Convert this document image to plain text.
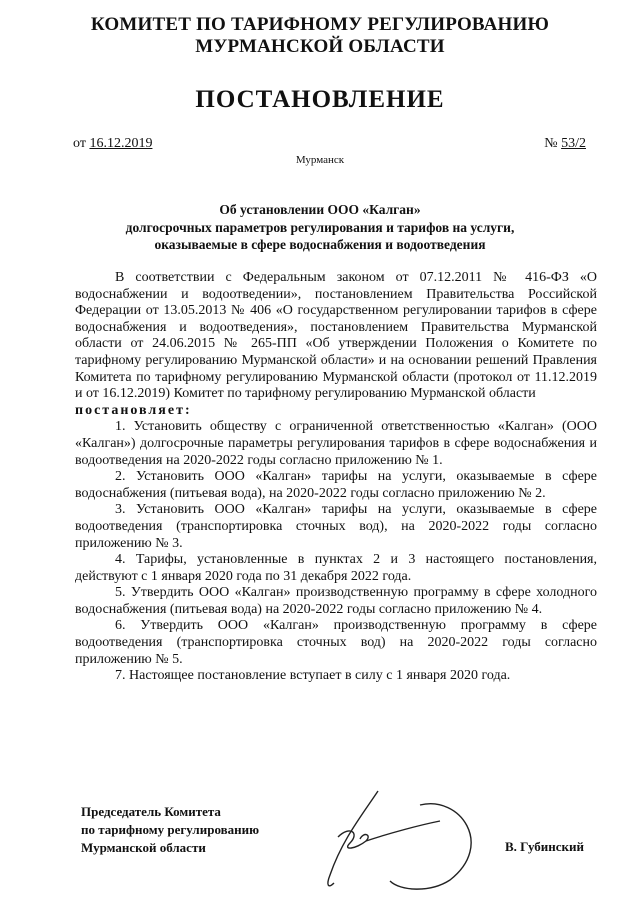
КОМИТЕТ ПО ТАРИФНОМУ РЕГУЛИРОВАНИЮ
МУРМАНСКОЙ ОБЛАСТИ
ПОСТАНОВЛЕНИЕ
от 16.12.2019	№ 53/2
Мурманск
Об установлении ООО «Калган»
долгосрочных параметров регулирования и тарифов на услуги,
оказываемые в сфере водоснабжения и водоотведения

В соответствии с Федеральным законом от 07.12.2011 № 416-ФЗ «О водоснабжении и водоотведении», постановлением Правительства Российской Федерации от 13.05.2013 № 406 «О государственном регулировании тарифов в сфере водоснабжения и водоотведения», постановлением Правительства Мурманской области от 24.06.2015 № 265-ПП «Об утверждении Положения о Комитете по тарифному регулированию Мурманской области» и на основании решений Правления Комитета по тарифному регулированию Мурманской области (протокол от 11.12.2019 и от 16.12.2019) Комитет по тарифному регулированию Мурманской области

постановляет:

1. Установить обществу с ограниченной ответственностью «Калган» (ООО «Калган») долгосрочные параметры регулирования тарифов в сфере водоснабжения и водоотведения на 2020-2022 годы согласно приложению № 1.

2. Установить ООО «Калган» тарифы на услуги, оказываемые в сфере водоснабжения (питьевая вода), на 2020-2022 годы согласно приложению № 2.

3. Установить ООО «Калган» тарифы на услуги, оказываемые в сфере водоотведения (транспортировка сточных вод), на 2020-2022 годы согласно приложению № 3.

4. Тарифы, установленные в пунктах 2 и 3 настоящего постановления, действуют с 1 января 2020 года по 31 декабря 2022 года.

5. Утвердить ООО «Калган» производственную программу в сфере холодного водоснабжения (питьевая вода) на 2020-2022 годы согласно приложению № 4.

6. Утвердить ООО «Калган» производственную программу в сфере водоотведения (транспортировка сточных вод) на 2020-2022 годы согласно приложению № 5.

7. Настоящее постановление вступает в силу с 1 января 2020 года.

Председатель Комитета
по тарифному регулированию
Мурманской области	В. Губинский
